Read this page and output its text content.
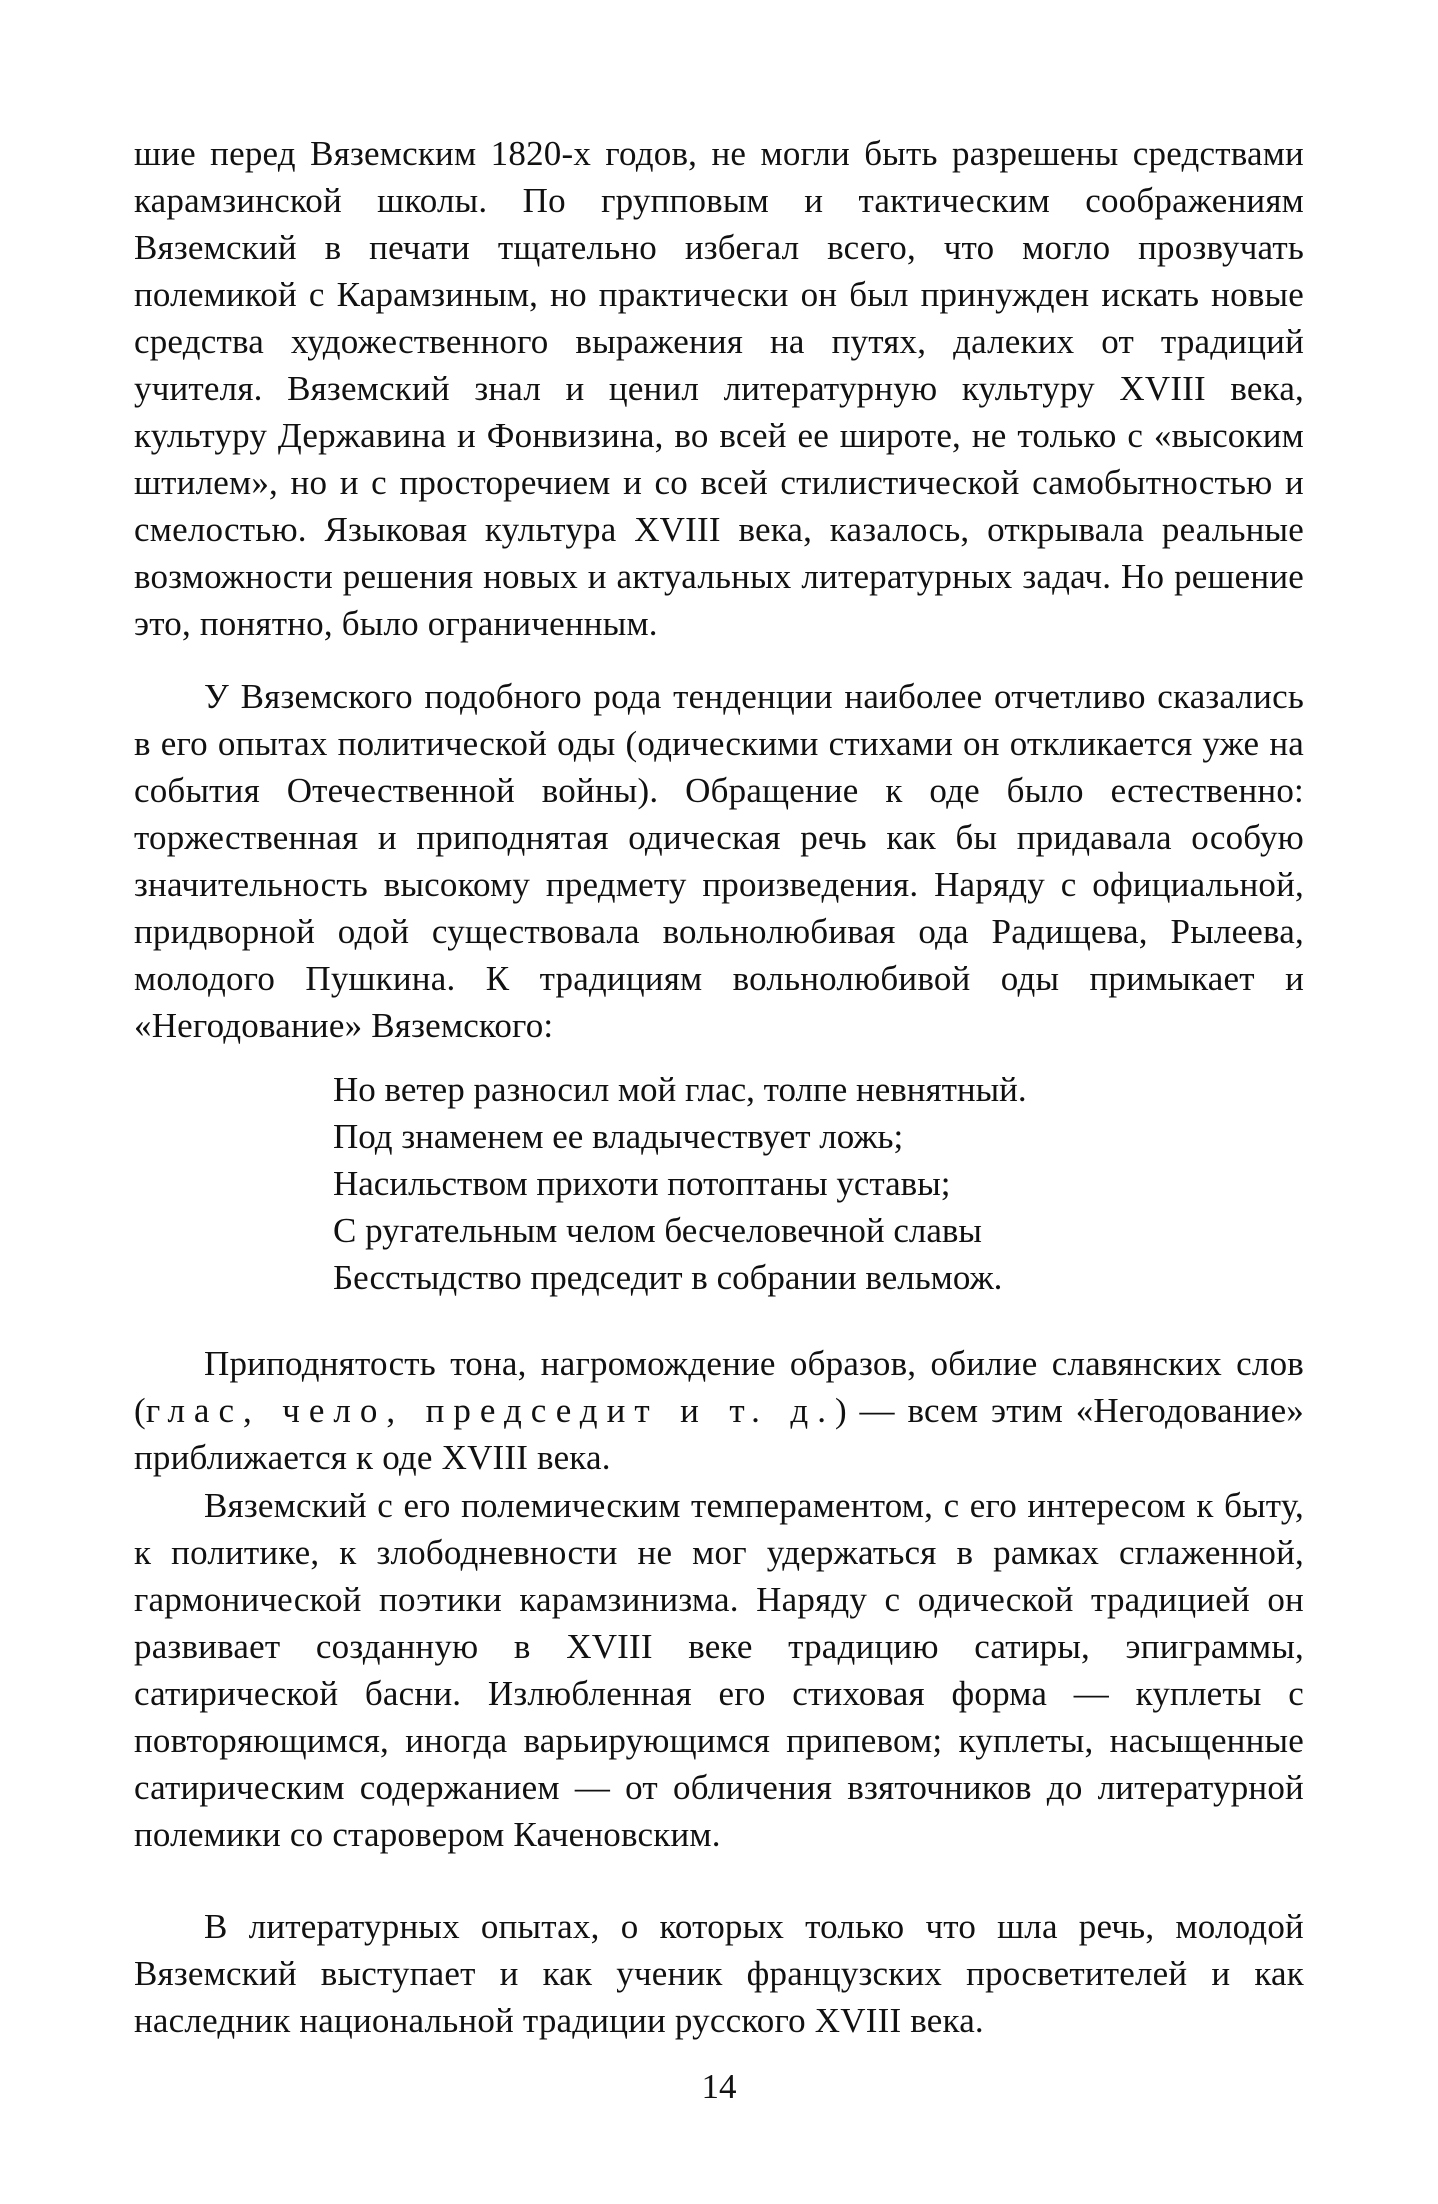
шие перед Вяземским 1820-х годов, не могли быть разрешены средствами карамзинской школы. По групповым и тактическим соображениям Вяземский в печати тщательно избегал всего, что могло прозвучать полемикой с Карамзиным, но практически он был принужден искать новые средства художественного выражения на путях, далеких от традиций учителя. Вяземский знал и ценил литературную культуру XVIII века, культуру Державина и Фонвизина, во всей ее широте, не только с «высоким штилем», но и с просторечием и со всей стилистической самобытностью и смелостью. Языковая культура XVIII века, казалось, открывала реальные возможности решения новых и актуальных литературных задач. Но решение это, понятно, было ограниченным.

У Вяземского подобного рода тенденции наиболее отчетливо сказались в его опытах политической оды (одическими стихами он откликается уже на события Отечественной войны). Обращение к оде было естественно: торжественная и приподнятая одическая речь как бы придавала особую значительность высокому предмету произведения. Наряду с официальной, придворной одой существовала вольнолюбивая ода Радищева, Рылеева, молодого Пушкина. К традициям вольнолюбивой оды примыкает и «Негодование» Вяземского:

Но ветер разносил мой глас, толпе невнятный.
Под знаменем ее владычествует ложь;
Насильством прихоти потоптаны уставы;
С ругательным челом бесчеловечной славы
Бесстыдство председит в собрании вельмож.

Приподнятость тона, нагромождение образов, обилие славянских слов (глас, чело, председит и т. д.) — всем этим «Негодование» приближается к оде XVIII века.

Вяземский с его полемическим темпераментом, с его интересом к быту, к политике, к злободневности не мог удержаться в рамках сглаженной, гармонической поэтики карамзинизма. Наряду с одической традицией он развивает созданную в XVIII веке традицию сатиры, эпиграммы, сатирической басни. Излюбленная его стиховая форма — куплеты с повторяющимся, иногда варьирующимся припевом; куплеты, насыщенные сатирическим содержанием — от обличения взяточников до литературной полемики со старовером Каченовским.

В литературных опытах, о которых только что шла речь, молодой Вяземский выступает и как ученик французских просветителей и как наследник национальной традиции русского XVIII века.

14
